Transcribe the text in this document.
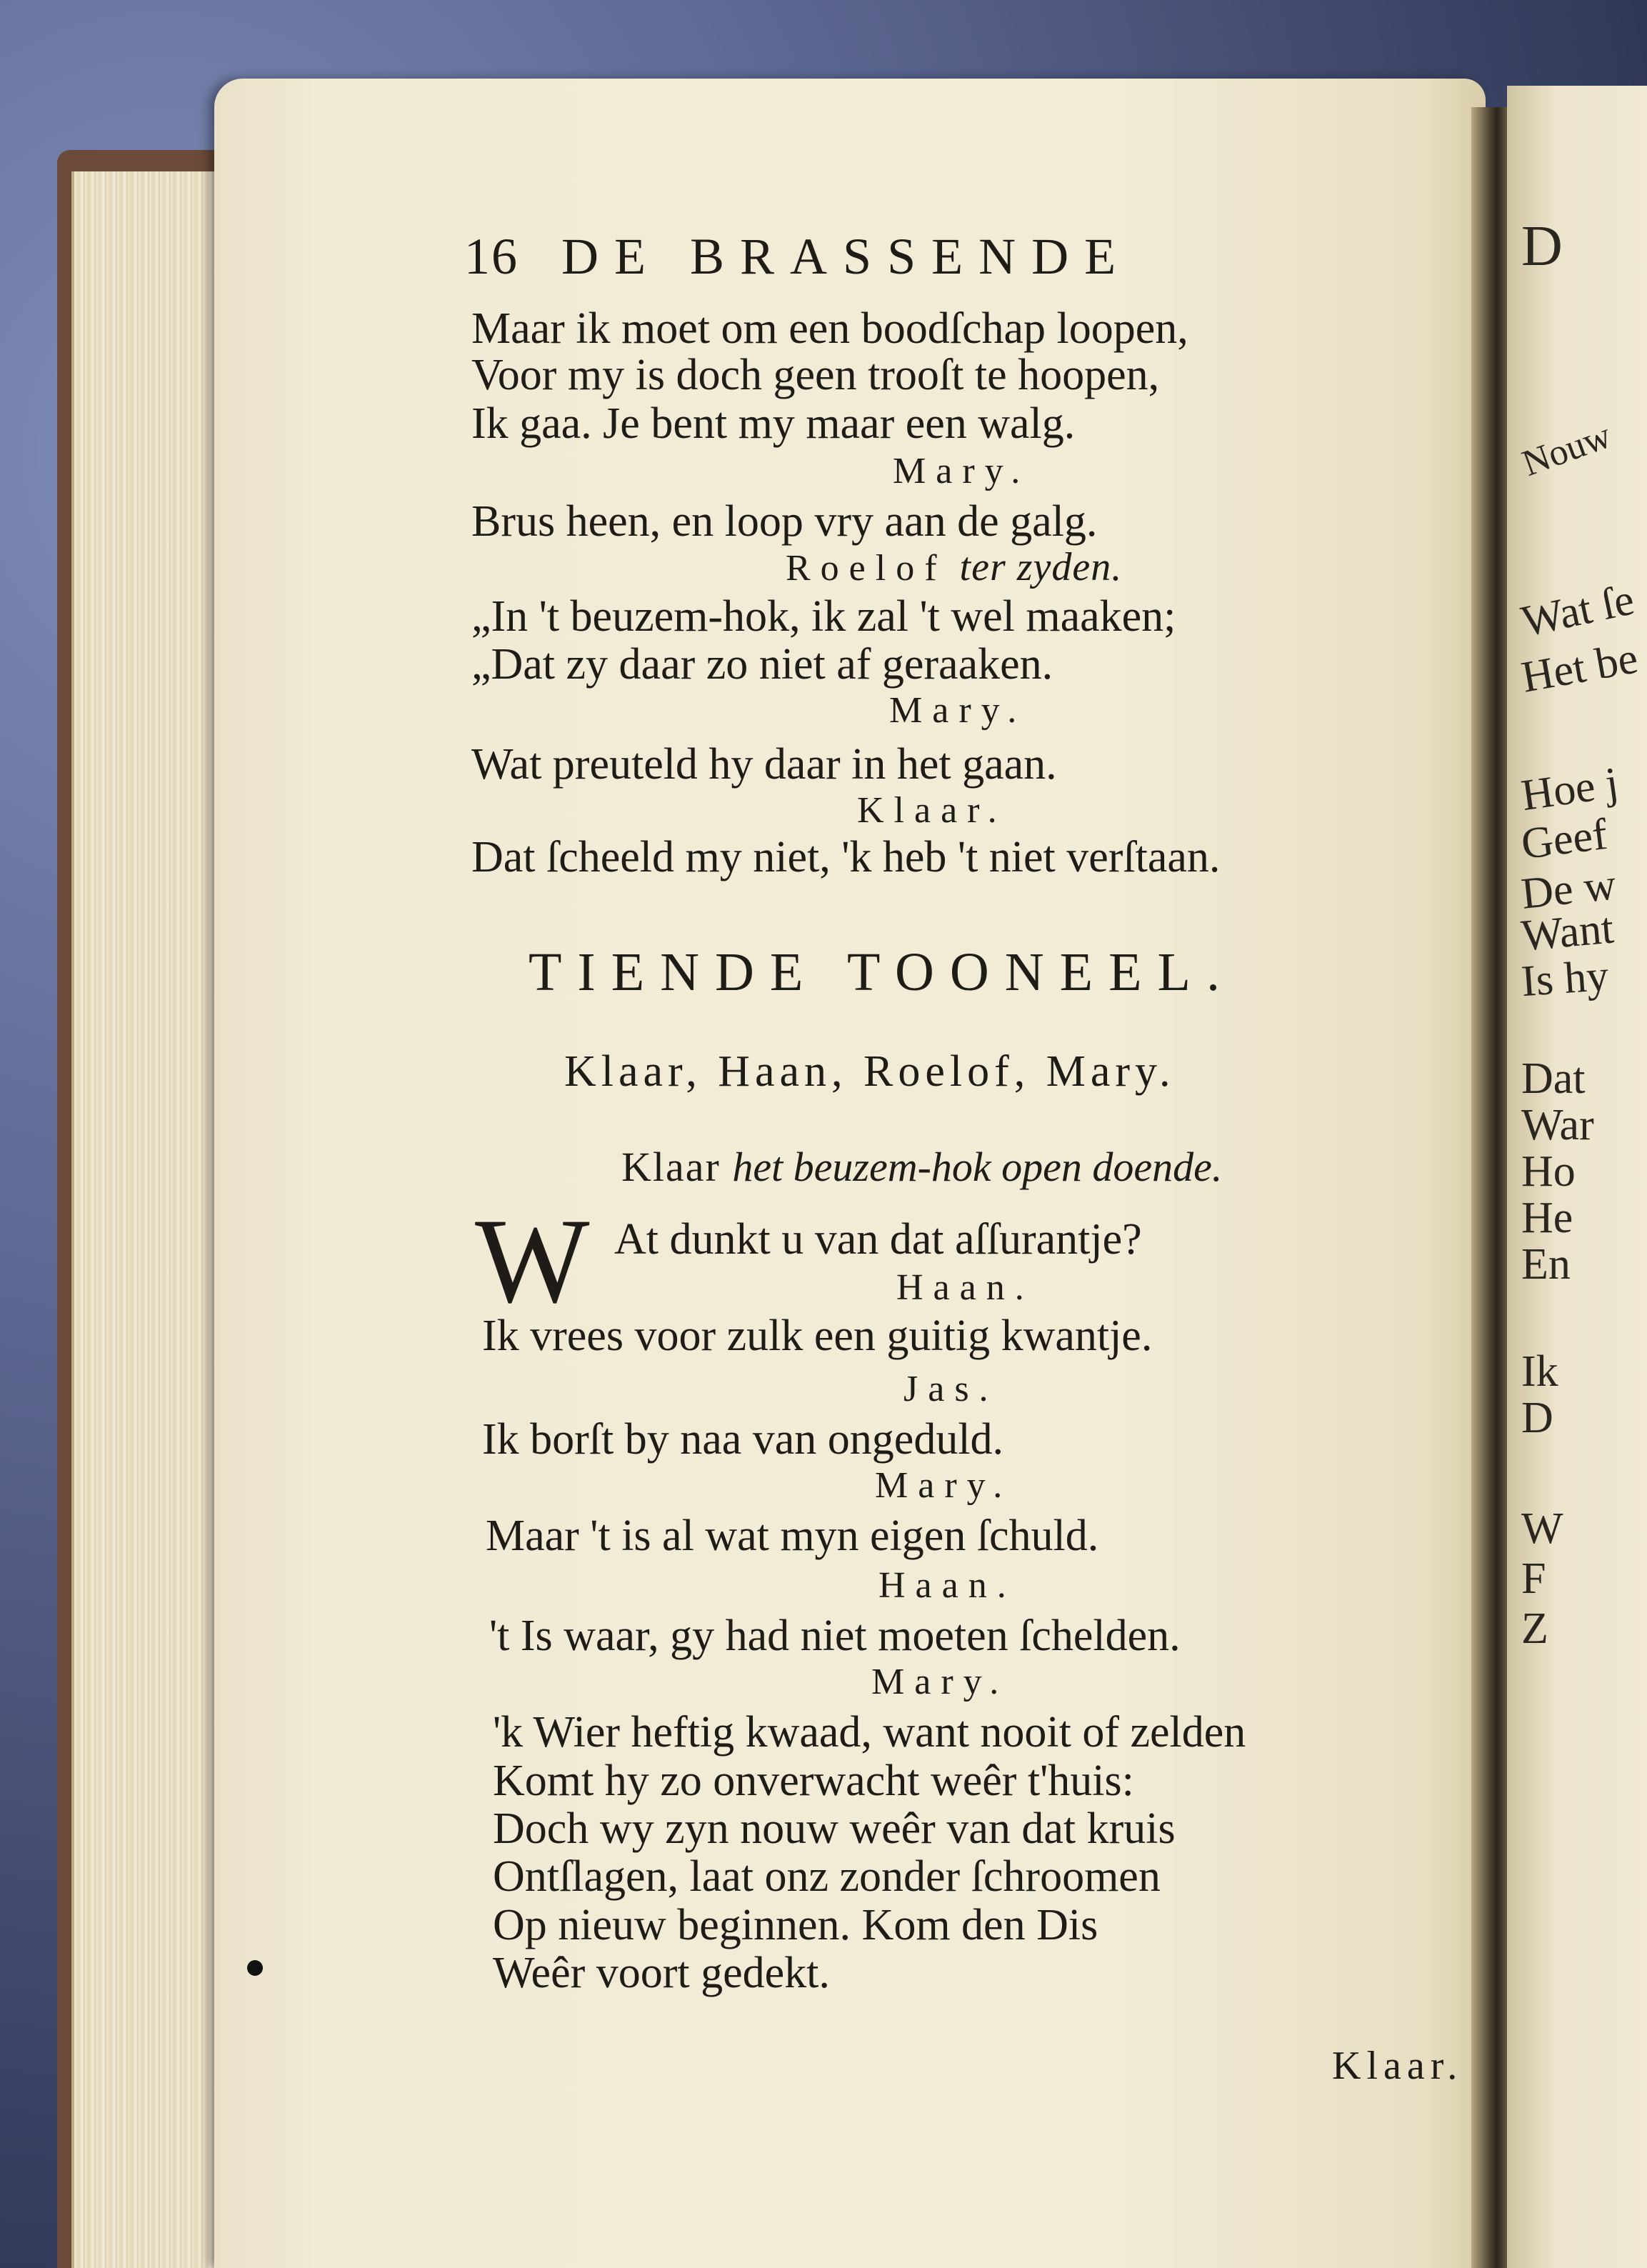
D
Nouw
Wat ſe
Het be
Hoe j
Geef
De w
Want
Is hy
Dat
War
Ho
He
En
Ik
D
W
F
Z
16 DE BRASSENDE
Maar ik moet om een boodſchap loopen,
Voor my is doch geen trooſt te hoopen,
Ik gaa. Je bent my maar een walg.
Mary.
Brus heen, en loop vry aan de galg.
Roelof ter zyden.
„In 't beuzem-hok, ik zal 't wel maaken;
„Dat zy daar zo niet af geraaken.
Mary.
Wat preuteld hy daar in het gaan.
Klaar.
Dat ſcheeld my niet, 'k heb 't niet verſtaan.
TIENDE TOONEEL.
Klaar, Haan, Roelof, Mary.
Klaar het beuzem-hok open doende.
W At dunkt u van dat aſſurantje?
Haan.
Ik vrees voor zulk een guitig kwantje.
Jas.
Ik borſt by naa van ongeduld.
Mary.
Maar 't is al wat myn eigen ſchuld.
Haan.
't Is waar, gy had niet moeten ſchelden.
Mary.
'k Wier heftig kwaad, want nooit of zelden
Komt hy zo onverwacht weêr t'huis:
Doch wy zyn nouw weêr van dat kruis
Ontſlagen, laat onz zonder ſchroomen
Op nieuw beginnen. Kom den Dis
Weêr voort gedekt.
Klaar.
